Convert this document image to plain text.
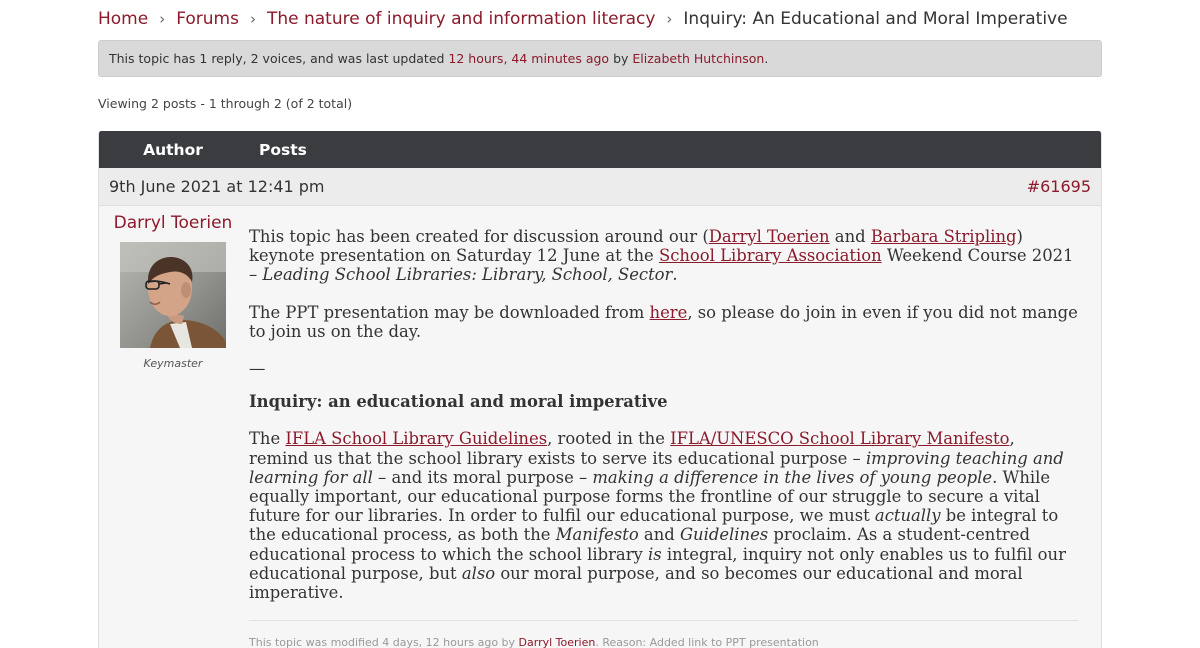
Home › Forums › The nature of inquiry and information literacy › Inquiry: An Educational and Moral Imperative
This topic has 1 reply, 2 voices, and was last updated 12 hours, 44 minutes ago by Elizabeth Hutchinson.
Viewing 2 posts - 1 through 2 (of 2 total)
Author	Posts
9th June 2021 at 12:41 pm	#61695
Darryl Toerien
Keymaster

This topic has been created for discussion around our (Darryl Toerien and Barbara Stripling) keynote presentation on Saturday 12 June at the School Library Association Weekend Course 2021 – Leading School Libraries: Library, School, Sector.

The PPT presentation may be downloaded from here, so please do join in even if you did not mange to join us on the day.

—
Inquiry: an educational and moral imperative

The IFLA School Library Guidelines, rooted in the IFLA/UNESCO School Library Manifesto, remind us that the school library exists to serve its educational purpose – improving teaching and learning for all – and its moral purpose – making a difference in the lives of young people. While equally important, our educational purpose forms the frontline of our struggle to secure a vital future for our libraries. In order to fulfil our educational purpose, we must actually be integral to the educational process, as both the Manifesto and Guidelines proclaim. As a student-centred educational process to which the school library is integral, inquiry not only enables us to fulfil our educational purpose, but also our moral purpose, and so becomes our educational and moral imperative.

This topic was modified 4 days, 12 hours ago by Darryl Toerien. Reason: Added link to PPT presentation
